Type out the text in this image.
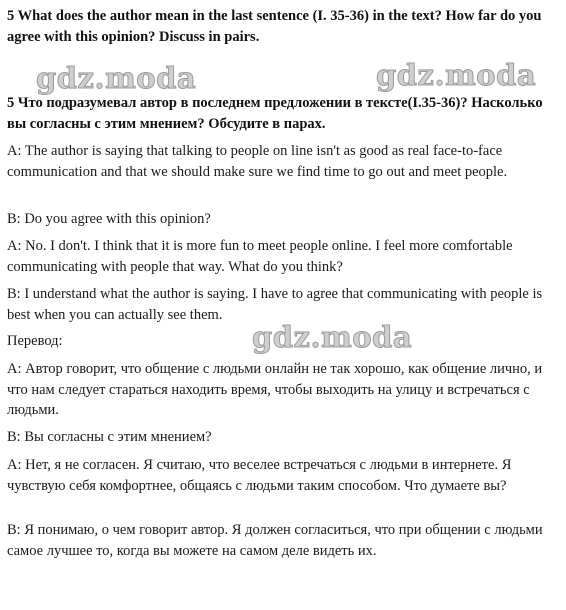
5 What does the author mean in the last sentence (I. 35-36) in the text? How far do you agree with this opinion? Discuss in pairs.

gdz.moda	gdz.moda

5 Что подразумевал автор в последнем предложении в тексте(I.35-36)? Насколько вы согласны с этим мнением? Обсудите в парах.

A: The author is saying that talking to people on line isn't as good as real face-to-face communication and that we should make sure we find time to go out and meet people.

B: Do you agree with this opinion?

A: No. I don't. I think that it is more fun to meet people online. I feel more comfortable communicating with people that way. What do you think?

B: I understand what the author is saying. I have to agree that communicating with people is best when you can actually see them.

Перевод:	gdz.moda

А: Автор говорит, что общение с людьми онлайн не так хорошо, как общение лично, и что нам следует стараться находить время, чтобы выходить на улицу и встречаться с людьми.

В: Вы согласны с этим мнением?

А: Нет, я не согласен. Я считаю, что веселее встречаться с людьми в интернете. Я чувствую себя комфортнее, общаясь с людьми таким способом. Что думаете вы?

В: Я понимаю, о чем говорит автор. Я должен согласиться, что при общении с людьми самое лучшее то, когда вы можете на самом деле видеть их.
